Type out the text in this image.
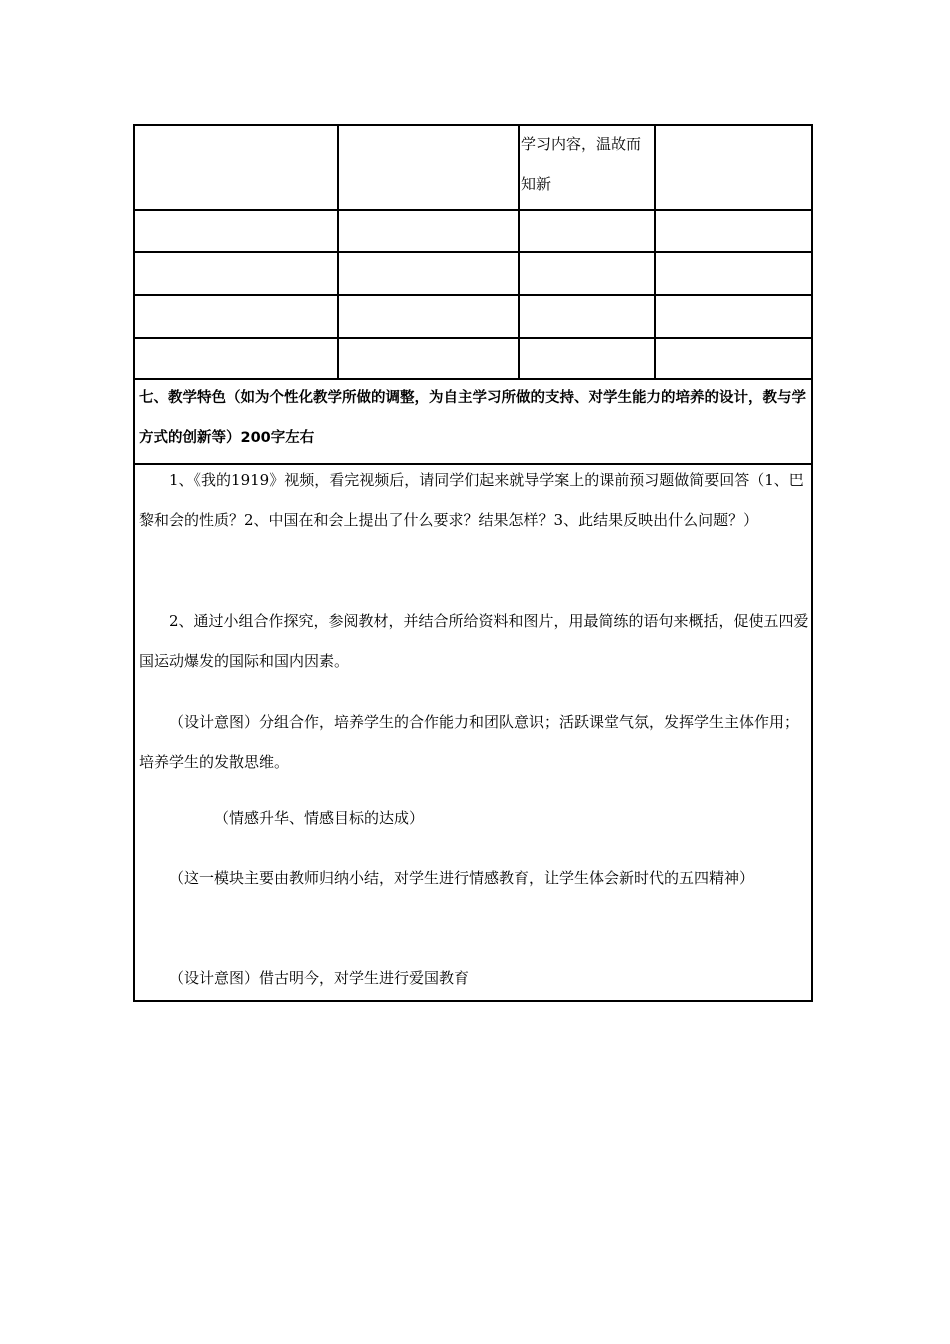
学习内容，温故而知新
七、教学特色（如为个性化教学所做的调整，为自主学习所做的支持、对学生能力的培养的设计，教与学方式的创新等）200字左右
1、《我的1919》视频，看完视频后，请同学们起来就导学案上的课前预习题做简要回答（1、巴黎和会的性质？2、中国在和会上提出了什么要求？结果怎样？3、此结果反映出什么问题？）
2、通过小组合作探究，参阅教材，并结合所给资料和图片，用最简练的语句来概括，促使五四爱国运动爆发的国际和国内因素。
（设计意图）分组合作，培养学生的合作能力和团队意识；活跃课堂气氛，发挥学生主体作用；培养学生的发散思维。
（情感升华、情感目标的达成）
（这一模块主要由教师归纳小结，对学生进行情感教育，让学生体会新时代的五四精神）
（设计意图）借古明今，对学生进行爱国教育
